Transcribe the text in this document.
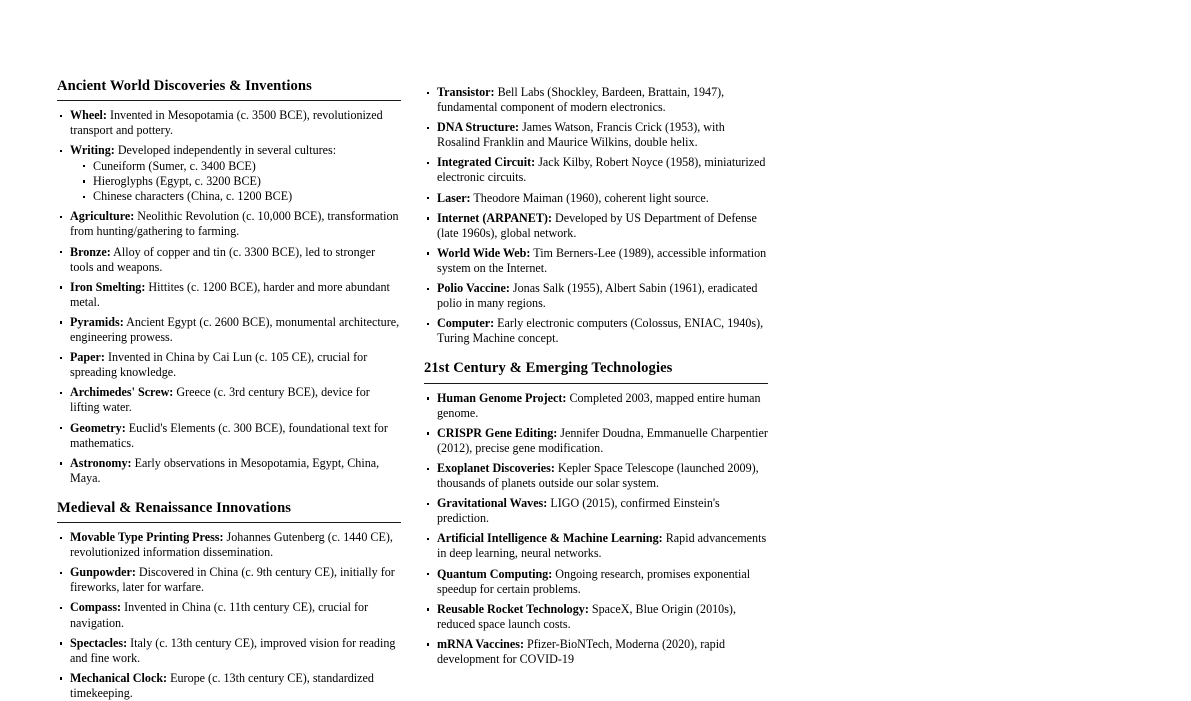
Ancient World Discoveries & Inventions
Wheel: Invented in Mesopotamia (c. 3500 BCE), revolutionized transport and pottery.
Writing: Developed independently in several cultures:
Cuneiform (Sumer, c. 3400 BCE)
Hieroglyphs (Egypt, c. 3200 BCE)
Chinese characters (China, c. 1200 BCE)
Agriculture: Neolithic Revolution (c. 10,000 BCE), transformation from hunting/gathering to farming.
Bronze: Alloy of copper and tin (c. 3300 BCE), led to stronger tools and weapons.
Iron Smelting: Hittites (c. 1200 BCE), harder and more abundant metal.
Pyramids: Ancient Egypt (c. 2600 BCE), monumental architecture, engineering prowess.
Paper: Invented in China by Cai Lun (c. 105 CE), crucial for spreading knowledge.
Archimedes' Screw: Greece (c. 3rd century BCE), device for lifting water.
Geometry: Euclid's Elements (c. 300 BCE), foundational text for mathematics.
Astronomy: Early observations in Mesopotamia, Egypt, China, Maya.
Medieval & Renaissance Innovations
Movable Type Printing Press: Johannes Gutenberg (c. 1440 CE), revolutionized information dissemination.
Gunpowder: Discovered in China (c. 9th century CE), initially for fireworks, later for warfare.
Compass: Invented in China (c. 11th century CE), crucial for navigation.
Spectacles: Italy (c. 13th century CE), improved vision for reading and fine work.
Mechanical Clock: Europe (c. 13th century CE), standardized timekeeping.
Transistor: Bell Labs (Shockley, Bardeen, Brattain, 1947), fundamental component of modern electronics.
DNA Structure: James Watson, Francis Crick (1953), with Rosalind Franklin and Maurice Wilkins, double helix.
Integrated Circuit: Jack Kilby, Robert Noyce (1958), miniaturized electronic circuits.
Laser: Theodore Maiman (1960), coherent light source.
Internet (ARPANET): Developed by US Department of Defense (late 1960s), global network.
World Wide Web: Tim Berners-Lee (1989), accessible information system on the Internet.
Polio Vaccine: Jonas Salk (1955), Albert Sabin (1961), eradicated polio in many regions.
Computer: Early electronic computers (Colossus, ENIAC, 1940s), Turing Machine concept.
21st Century & Emerging Technologies
Human Genome Project: Completed 2003, mapped entire human genome.
CRISPR Gene Editing: Jennifer Doudna, Emmanuelle Charpentier (2012), precise gene modification.
Exoplanet Discoveries: Kepler Space Telescope (launched 2009), thousands of planets outside our solar system.
Gravitational Waves: LIGO (2015), confirmed Einstein's prediction.
Artificial Intelligence & Machine Learning: Rapid advancements in deep learning, neural networks.
Quantum Computing: Ongoing research, promises exponential speedup for certain problems.
Reusable Rocket Technology: SpaceX, Blue Origin (2010s), reduced space launch costs.
mRNA Vaccines: Pfizer-BioNTech, Moderna (2020), rapid development for COVID-19
